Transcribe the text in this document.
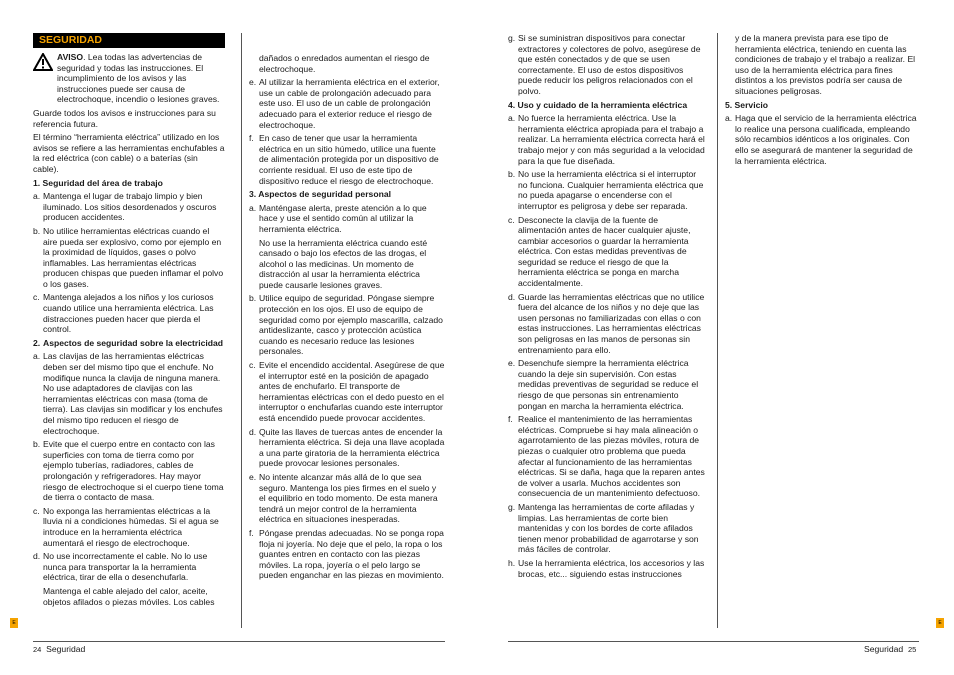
SEGURIDAD

AVISO. Lea todas las advertencias de seguridad y todas las instrucciones. El incumplimiento de los avisos y las instrucciones puede ser causa de electrochoque, incendio o lesiones graves.

Guarde todos los avisos e instrucciones para su referencia futura.

El término “herramienta eléctrica” utilizado en los avisos se refiere a las herramientas enchufables a la red eléctrica (con cable) o a baterías (sin cable).

1. Seguridad del área de trabajo
a. Mantenga el lugar de trabajo limpio y bien iluminado. Los sitios desordenados y oscuros producen accidentes.
b. No utilice herramientas eléctricas cuando el aire pueda ser explosivo, como por ejemplo en la proximidad de líquidos, gases o polvo inflamables. Las herramientas eléctricas producen chispas que pueden inflamar el polvo o los gases.
c. Mantenga alejados a los niños y los curiosos cuando utilice una herramienta eléctrica. Las distracciones pueden hacer que pierda el control.
2. Aspectos de seguridad sobre la electricidad
a. Las clavijas de las herramientas eléctricas deben ser del mismo tipo que el enchufe. No modifique nunca la clavija de ninguna manera. No use adaptadores de clavijas con las herramientas eléctricas con masa (toma de tierra). Las clavijas sin modificar y los enchufes del mismo tipo reducen el riesgo de electrochoque.
b. Evite que el cuerpo entre en contacto con las superficies con toma de tierra como por ejemplo tuberías, radiadores, cables de prolongación y refrigeradores. Hay mayor riesgo de electrochoque si el cuerpo tiene toma de tierra o contacto de masa.
c. No exponga las herramientas eléctricas a la lluvia ni a condiciones húmedas. Si el agua se introduce en la herramienta eléctrica aumentará el riesgo de electrochoque.
d. No use incorrectamente el cable. No lo use nunca para transportar la la herramienta eléctrica, tirar de ella o desenchufarla.

Mantenga el cable alejado del calor, aceite, objetos afilados o piezas móviles. Los cables

dañados o enredados aumentan el riesgo de electrochoque.

e. Al utilizar la herramienta eléctrica en el exterior, use un cable de prolongación adecuado para este uso. El uso de un cable de prolongación adecuado para el exterior reduce el riesgo de electrochoque.
f. En caso de tener que usar la herramienta eléctrica en un sitio húmedo, utilice una fuente de alimentación protegida por un dispositivo de corriente residual. El uso de este tipo de dispositivo reduce el riesgo de electrochoque.
3. Aspectos de seguridad personal
a. Manténgase alerta, preste atención a lo que hace y use el sentido común al utilizar la herramienta eléctrica.

No use la herramienta eléctrica cuando esté cansado o bajo los efectos de las drogas, el alcohol o las medicinas. Un momento de distracción al usar la herramienta eléctrica puede causarle lesiones graves.

b. Utilice equipo de seguridad. Póngase siempre protección en los ojos. El uso de equipo de seguridad como por ejemplo mascarilla, calzado antideslizante, casco y protección acústica cuando es necesario reduce las lesiones personales.
c. Evite el encendido accidental. Asegúrese de que el interruptor esté en la posición de apagado antes de enchufarlo. El transporte de herramientas eléctricas con el dedo puesto en el interruptor o enchufarlas cuando este interruptor está encendido puede provocar accidentes.
d. Quite las llaves de tuercas antes de encender la herramienta eléctrica. Si deja una llave acoplada a una parte giratoria de la herramienta eléctrica puede provocar lesiones personales.
e. No intente alcanzar más allá de lo que sea seguro. Mantenga los pies firmes en el suelo y el equilibrio en todo momento. De esta manera tendrá un mejor control de la herramienta eléctrica en situaciones inesperadas.
f. Póngase prendas adecuadas. No se ponga ropa floja ni joyería. No deje que el pelo, la ropa o los guantes entren en contacto con las piezas móviles. La ropa, joyería o el pelo largo se pueden enganchar en las piezas en movimiento.
g. Si se suministran dispositivos para conectar extractores y colectores de polvo, asegúrese de que estén conectados y de que se usen correctamente. El uso de estos dispositivos puede reducir los peligros relacionados con el polvo.
4. Uso y cuidado de la herramienta eléctrica
a. No fuerce la herramienta eléctrica. Use la herramienta eléctrica apropiada para el trabajo a realizar. La herramienta eléctrica correcta hará el trabajo mejor y con más seguridad a la velocidad para la que fue diseñada.
b. No use la herramienta eléctrica si el interruptor no funciona. Cualquier herramienta eléctrica que no pueda apagarse o encenderse con el interruptor es peligrosa y debe ser reparada.
c. Desconecte la clavija de la fuente de alimentación antes de hacer cualquier ajuste, cambiar accesorios o guardar la herramienta eléctrica. Con estas medidas preventivas de seguridad se reduce el riesgo de que la herramienta eléctrica se ponga en marcha accidentalmente.
d. Guarde las herramientas eléctricas que no utilice fuera del alcance de los niños y no deje que las usen personas no familiarizadas con ellas o con estas instrucciones. Las herramientas eléctricas son peligrosas en las manos de personas sin entrenamiento para ello.
e. Desenchufe siempre la herramienta eléctrica cuando la deje sin supervisión. Con estas medidas preventivas de seguridad se reduce el riesgo de que personas sin entrenamiento pongan en marcha la herramienta eléctrica.
f. Realice el mantenimiento de las herramientas eléctricas. Compruebe si hay mala alineación o agarrotamiento de las piezas móviles, rotura de piezas o cualquier otro problema que pueda afectar al funcionamiento de las herramientas eléctricas. Si se daña, haga que la reparen antes de volver a usarla. Muchos accidentes son consecuencia de un mantenimiento defectuoso.
g. Mantenga las herramientas de corte afiladas y limpias. Las herramientas de corte bien mantenidas y con los bordes de corte afilados tienen menor probabilidad de agarrotarse y son más fáciles de controlar.
h. Use la herramienta eléctrica, los accesorios y las brocas, etc... siguiendo estas instrucciones

y de la manera prevista para ese tipo de herramienta eléctrica, teniendo en cuenta las condiciones de trabajo y el trabajo a realizar. El uso de la herramienta eléctrica para fines distintos a los previstos podría ser causa de situaciones peligrosas.

5. Servicio
a. Haga que el servicio de la herramienta eléctrica lo realice una persona cualificada, empleando sólo recambios idénticos a los originales. Con ello se asegurará de mantener la seguridad de la herramienta eléctrica.
E	E
24 Seguridad	Seguridad 25
